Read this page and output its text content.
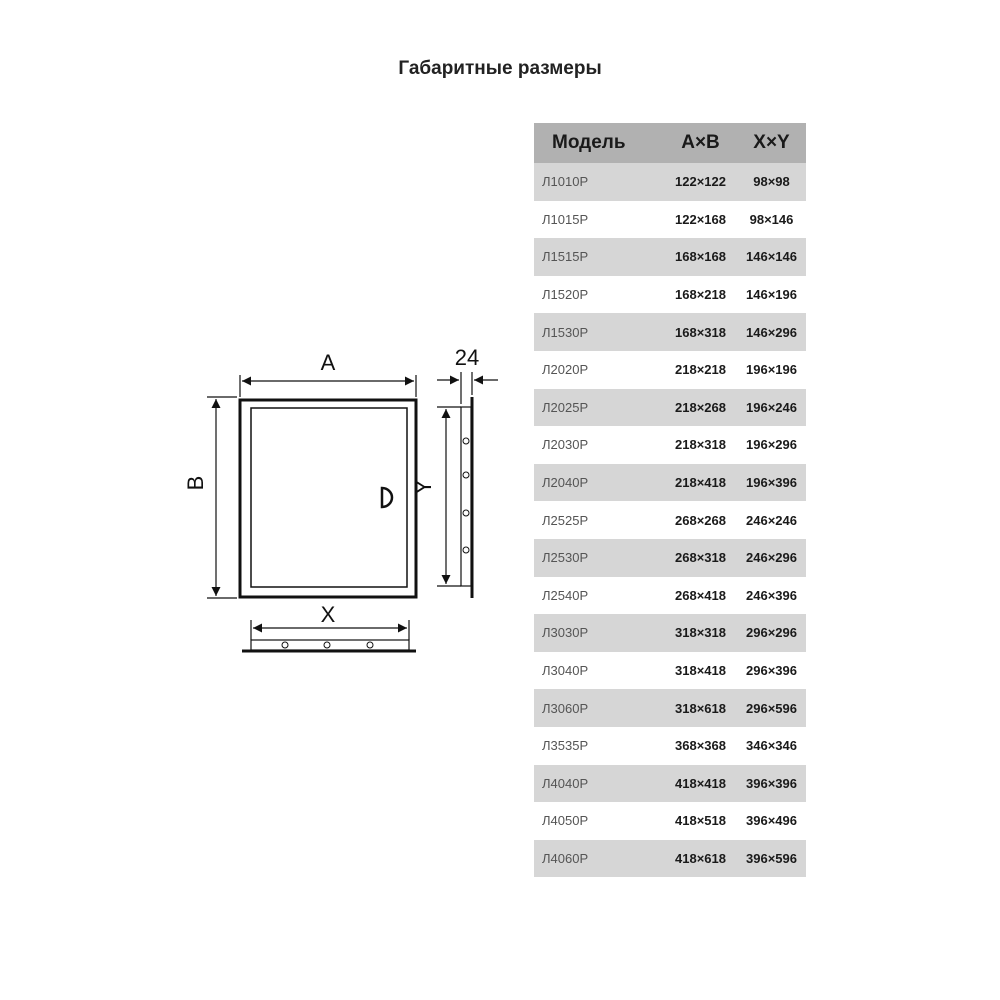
Габаритные размеры
A
B
X
Y
24
Модель	A×B	X×Y
Л1010Р	122×122	98×98
Л1015Р	122×168	98×146
Л1515Р	168×168	146×146
Л1520Р	168×218	146×196
Л1530Р	168×318	146×296
Л2020Р	218×218	196×196
Л2025Р	218×268	196×246
Л2030Р	218×318	196×296
Л2040Р	218×418	196×396
Л2525Р	268×268	246×246
Л2530Р	268×318	246×296
Л2540Р	268×418	246×396
Л3030Р	318×318	296×296
Л3040Р	318×418	296×396
Л3060Р	318×618	296×596
Л3535Р	368×368	346×346
Л4040Р	418×418	396×396
Л4050Р	418×518	396×496
Л4060Р	418×618	396×596
